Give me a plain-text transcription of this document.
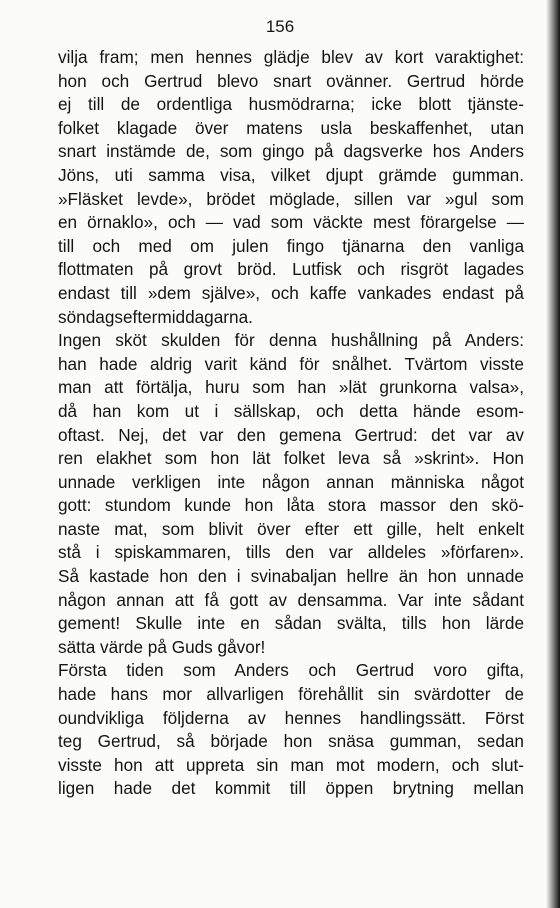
156
vilja fram; men hennes glädje blev av kort varaktighet:
hon och Gertrud blevo snart ovänner. Gertrud hörde
ej till de ordentliga husmödrarna; icke blott tjänste-
folket klagade över matens usla beskaffenhet, utan
snart instämde de, som gingo på dagsverke hos Anders
Jöns, uti samma visa, vilket djupt grämde gumman.
»Fläsket levde», brödet möglade, sillen var »gul som
en örnaklo», och — vad som väckte mest förargelse —
till och med om julen fingo tjänarna den vanliga
flottmaten på grovt bröd. Lutfisk och risgröt lagades
endast till »dem själve», och kaffe vankades endast på
söndagseftermiddagarna.
Ingen sköt skulden för denna hushållning på Anders:
han hade aldrig varit känd för snålhet. Tvärtom visste
man att förtälja, huru som han »lät grunkorna valsa»,
då han kom ut i sällskap, och detta hände esom-
oftast. Nej, det var den gemena Gertrud: det var av
ren elakhet som hon lät folket leva så »skrint». Hon
unnade verkligen inte någon annan människa något
gott: stundom kunde hon låta stora massor den skö-
naste mat, som blivit över efter ett gille, helt enkelt
stå i spiskammaren, tills den var alldeles »förfaren».
Så kastade hon den i svinabaljan hellre än hon unnade
någon annan att få gott av densamma. Var inte sådant
gement! Skulle inte en sådan svälta, tills hon lärde
sätta värde på Guds gåvor!
Första tiden som Anders och Gertrud voro gifta,
hade hans mor allvarligen förehållit sin svärdotter de
oundvikliga följderna av hennes handlingssätt. Först
teg Gertrud, så började hon snäsa gumman, sedan
visste hon att uppreta sin man mot modern, och slut-
ligen hade det kommit till öppen brytning mellan
